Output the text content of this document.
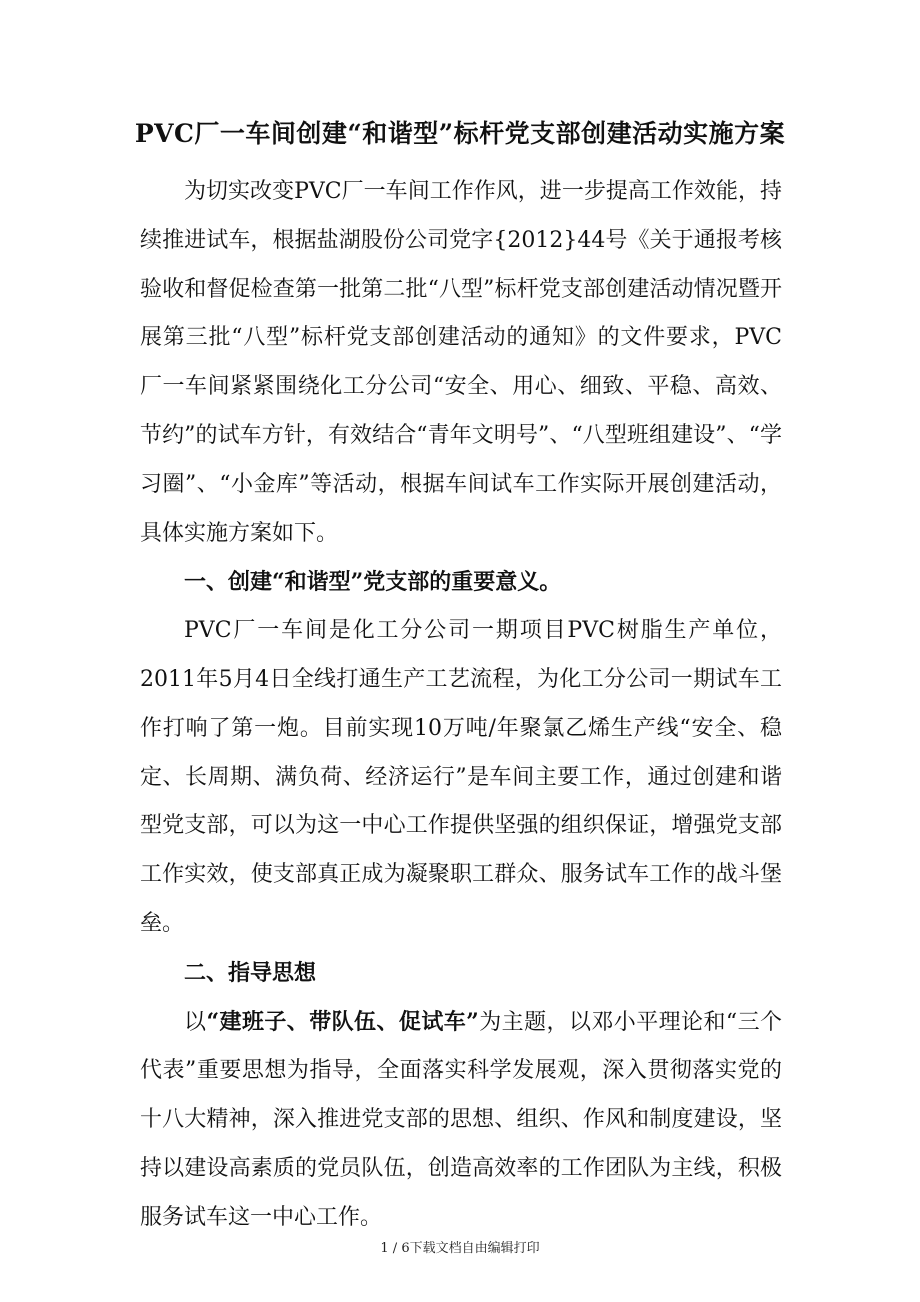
PVC厂一车间创建“和谐型”标杆党支部创建活动实施方案

为切实改变PVC厂一车间工作作风，进一步提高工作效能，持续推进试车，根据盐湖股份公司党字{2012}44号《关于通报考核验收和督促检查第一批第二批“八型”标杆党支部创建活动情况暨开展第三批“八型”标杆党支部创建活动的通知》的文件要求，PVC厂一车间紧紧围绕化工分公司“安全、用心、细致、平稳、高效、节约”的试车方针，有效结合“青年文明号”、“八型班组建设”、“学习圈”、“小金库”等活动，根据车间试车工作实际开展创建活动，具体实施方案如下。

一、创建“和谐型”党支部的重要意义。

PVC厂一车间是化工分公司一期项目PVC树脂生产单位，2011年5月4日全线打通生产工艺流程，为化工分公司一期试车工作打响了第一炮。目前实现10万吨/年聚氯乙烯生产线“安全、稳定、长周期、满负荷、经济运行”是车间主要工作，通过创建和谐型党支部，可以为这一中心工作提供坚强的组织保证，增强党支部工作实效，使支部真正成为凝聚职工群众、服务试车工作的战斗堡垒。

二、指导思想

以“建班子、带队伍、促试车”为主题，以邓小平理论和“三个代表”重要思想为指导，全面落实科学发展观，深入贯彻落实党的十八大精神，深入推进党支部的思想、组织、作风和制度建设，坚持以建设高素质的党员队伍，创造高效率的工作团队为主线，积极服务试车这一中心工作。

1 / 6下载文档自由编辑打印
